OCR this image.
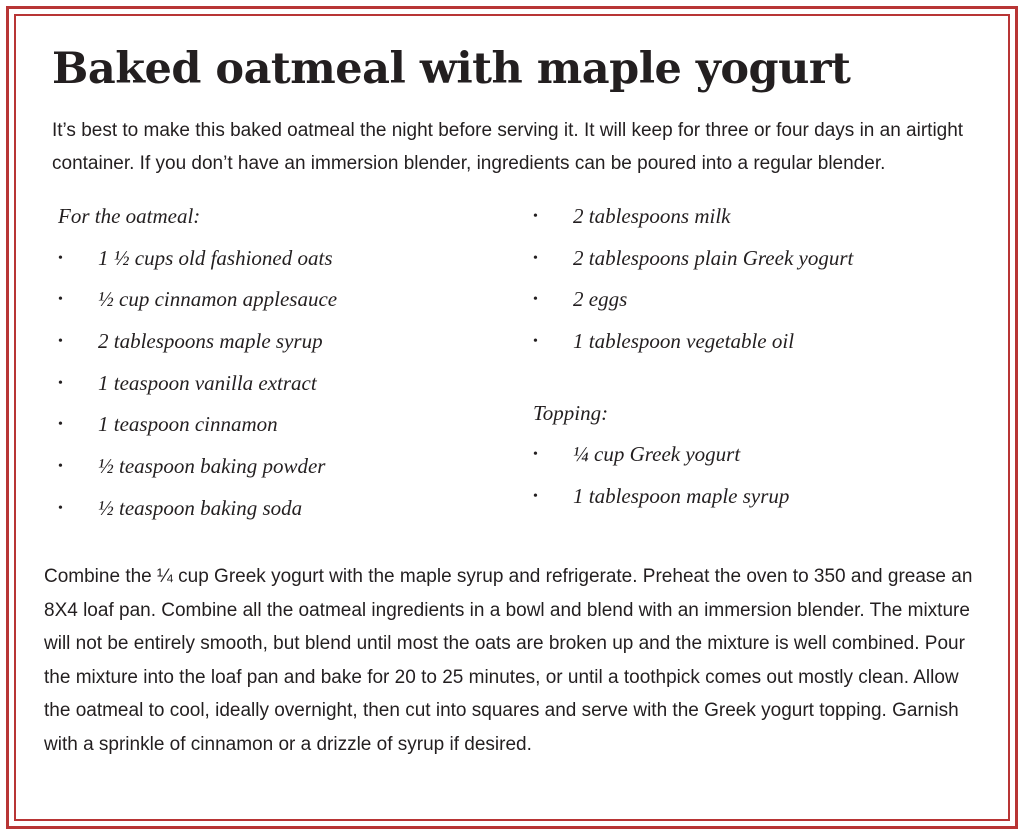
Baked oatmeal with maple yogurt

It’s best to make this baked oatmeal the night before serving it. It will keep for three or four days in an airtight container. If you don’t have an immersion blender, ingredients can be poured into a regular blender.

For the oatmeal:
• 1 ½ cups old fashioned oats
• ½ cup cinnamon applesauce
• 2 tablespoons maple syrup
• 1 teaspoon vanilla extract
• 1 teaspoon cinnamon
• ½ teaspoon baking powder
• ½ teaspoon baking soda
• 2 tablespoons milk
• 2 tablespoons plain Greek yogurt
• 2 eggs
• 1 tablespoon vegetable oil
Topping:
• ¼ cup Greek yogurt
• 1 tablespoon maple syrup

Combine the ¼ cup Greek yogurt with the maple syrup and refrigerate. Preheat the oven to 350 and grease an 8X4 loaf pan. Combine all the oatmeal ingredients in a bowl and blend with an immersion blender. The mixture will not be entirely smooth, but blend until most the oats are broken up and the mixture is well combined. Pour the mixture into the loaf pan and bake for 20 to 25 minutes, or until a toothpick comes out mostly clean. Allow the oatmeal to cool, ideally overnight, then cut into squares and serve with the Greek yogurt topping. Garnish with a sprinkle of cinnamon or a drizzle of syrup if desired.
